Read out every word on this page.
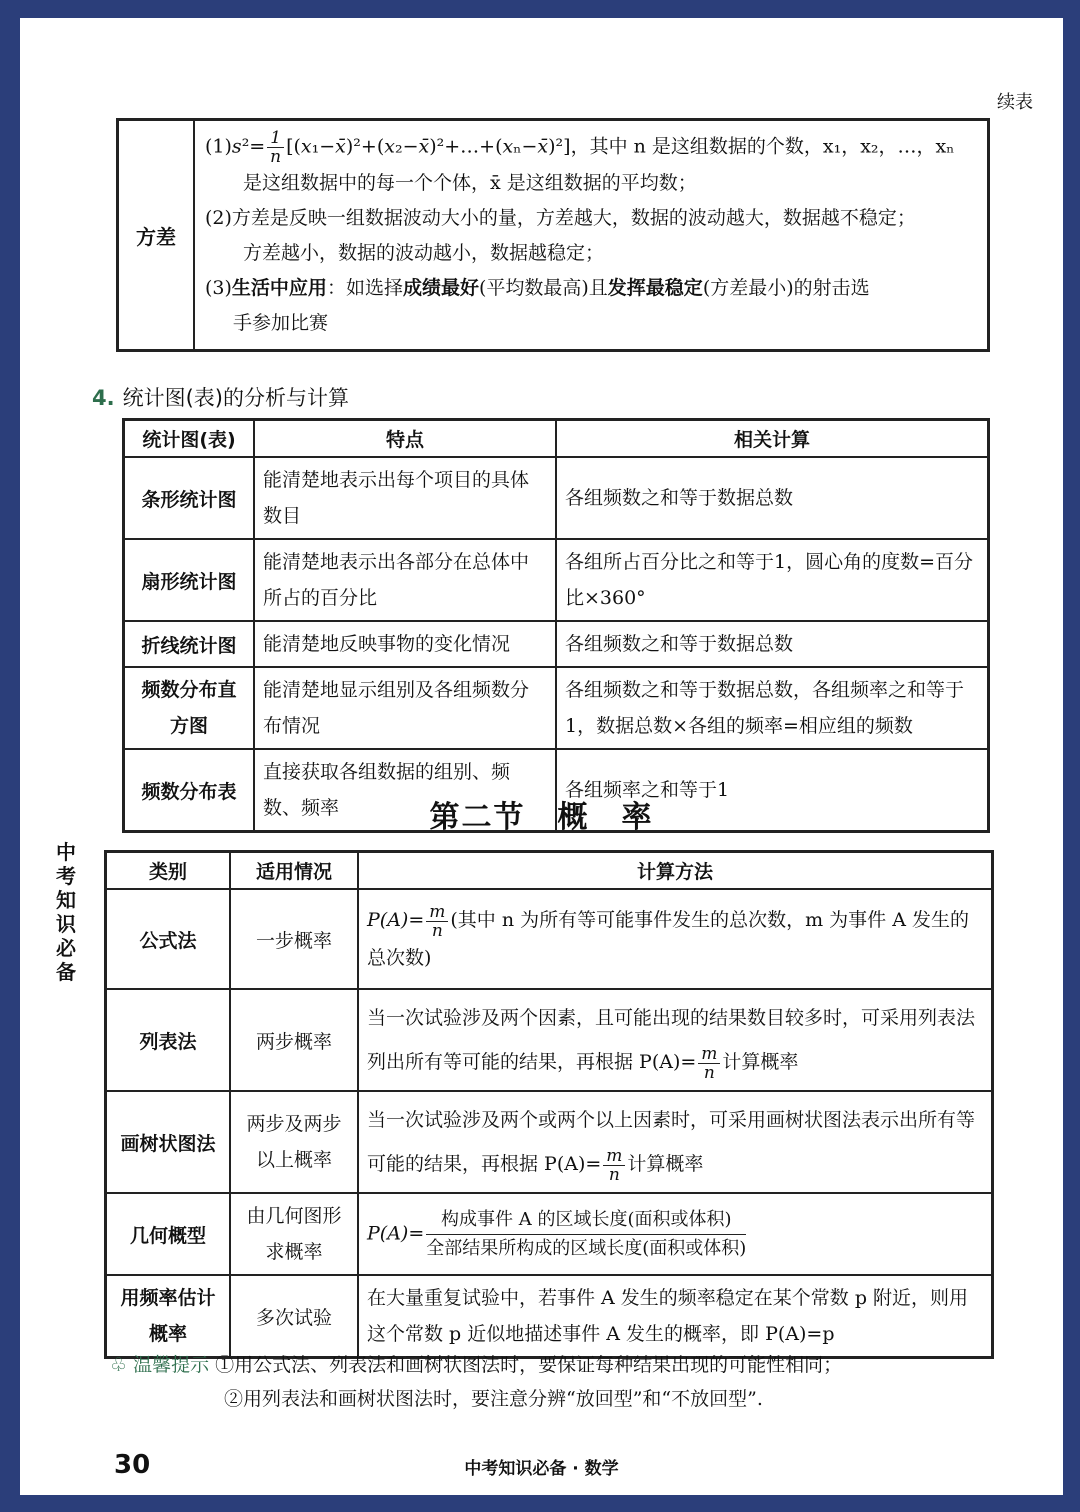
续表
方差	
$(1)s^2= \frac{1}{n}$ [(x₁−x̄)²+(x₂−x̄)²+…+(xₙ−x̄)²]，其中 n 是这组数据的个数，x₁，x₂，…，xₙ
是这组数据中的每一个个体，x̄ 是这组数据的平均数；
(2)方差是反映一组数据波动大小的量，方差越大，数据的波动越大，数据越不稳定；
方差越小，数据的波动越小，数据越稳定；
(3)生活中应用：如选择成绩最好(平均数最高)且发挥最稳定(方差最小)的射击选
手参加比赛
4. 统计图(表)的分析与计算
统计图(表)	特点	相关计算
条形统计图	能清楚地表示出每个项目的具体数目	各组频数之和等于数据总数
扇形统计图	能清楚地表示出各部分在总体中所占的百分比	各组所占百分比之和等于1，圆心角的度数=百分比×360°
折线统计图	能清楚地反映事物的变化情况	各组频数之和等于数据总数
频数分布直方图	能清楚地显示组别及各组频数分布情况	各组频数之和等于数据总数，各组频率之和等于1，数据总数×各组的频率=相应组的频数
频数分布表	直接获取各组数据的组别、频数、频率	各组频率之和等于1
第二节　概　率
中考知识必备
类别	适用情况	计算方法
公式法	一步概率	$P(A)= \frac{m}{n}$ (其中 n 为所有等可能事件发生的总次数，m 为事件 A 发生的总次数)
列表法	两步概率	当一次试验涉及两个因素，且可能出现的结果数目较多时，可采用列表法列出所有等可能的结果，再根据 $P(A)= \frac{m}{n}$ 计算概率
画树状图法	两步及两步以上概率	当一次试验涉及两个或两个以上因素时，可采用画树状图法表示出所有等可能的结果，再根据 $P(A)= \frac{m}{n}$ 计算概率
几何概型	由几何图形求概率	$P(A)= \frac{\text{构成事件 A 的区域长度(面积或体积)}}{\text{全部结果所构成的区域长度(面积或体积)}}$

用频率估计概率	多次试验	在大量重复试验中，若事件 A 发生的频率稳定在某个常数 p 附近，则用这个常数 p 近似地描述事件 A 发生的概率，即 P(A)=p
♧ 温馨提示 ①用公式法、列表法和画树状图法时，要保证每种结果出现的可能性相同；
②用列表法和画树状图法时，要注意分辨“放回型”和“不放回型”.
30	中考知识必备 · 数学
